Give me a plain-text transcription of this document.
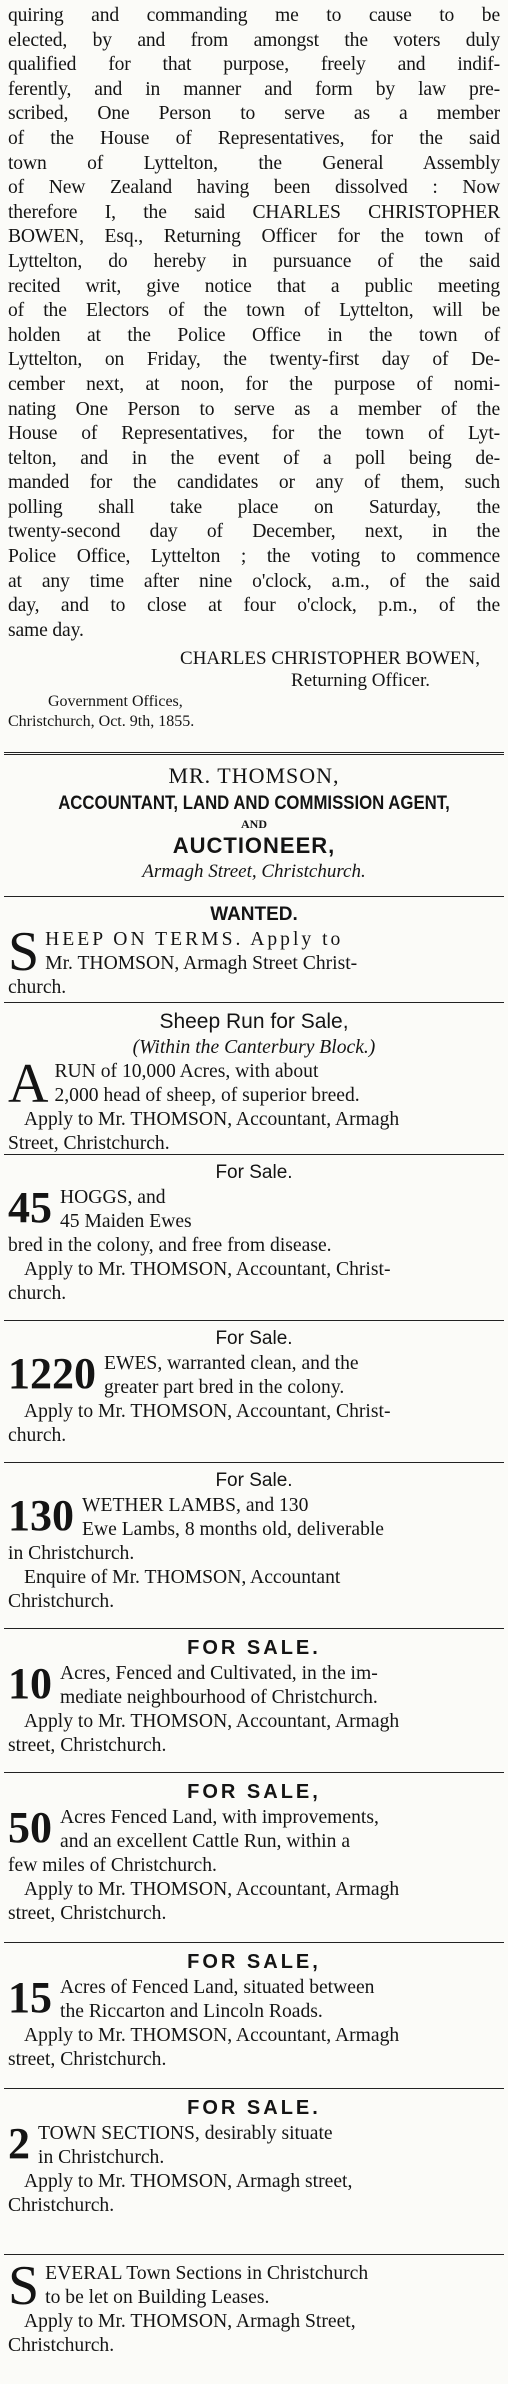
quiring and commanding me to cause to be
elected, by and from amongst the voters duly
qualified for that purpose, freely and indif-
ferently, and in manner and form by law pre-
scribed, One Person to serve as a member
of the House of Representatives, for the said
town of Lyttelton, the General Assembly
of New Zealand having been dissolved : Now
therefore I, the said CHARLES CHRISTOPHER
BOWEN, Esq., Returning Officer for the town of
Lyttelton, do hereby in pursuance of the said
recited writ, give notice that a public meeting
of the Electors of the town of Lyttelton, will be
holden at the Police Office in the town of
Lyttelton, on Friday, the twenty-first day of De-
cember next, at noon, for the purpose of nomi-
nating One Person to serve as a member of the
House of Representatives, for the town of Lyt-
telton, and in the event of a poll being de-
manded for the candidates or any of them, such
polling shall take place on Saturday, the
twenty-second day of December, next, in the
Police Office, Lyttelton ; the voting to commence
at any time after nine o'clock, a.m., of the said
day, and to close at four o'clock, p.m., of the
same day.
CHARLES CHRISTOPHER BOWEN,
Returning Officer.
Government Offices,
Christchurch, Oct. 9th, 1855.
MR. THOMSON,
ACCOUNTANT, LAND AND COMMISSION AGENT,
AND
AUCTIONEER,
Armagh Street, Christchurch.
WANTED.
S HEEP ON TERMS. Apply to
Mr. THOMSON, Armagh Street Christ-
church.
Sheep Run for Sale,
(Within the Canterbury Block.)
A RUN of 10,000 Acres, with about
2,000 head of sheep, of superior breed.
Apply to Mr. THOMSON, Accountant, Armagh
Street, Christchurch.
For Sale.
45 HOGGS, and
45 Maiden Ewes
bred in the colony, and free from disease.
Apply to Mr. THOMSON, Accountant, Christ-
church.
For Sale.
1220 EWES, warranted clean, and the
greater part bred in the colony.
Apply to Mr. THOMSON, Accountant, Christ-
church.
For Sale.
130 WETHER LAMBS, and 130
Ewe Lambs, 8 months old, deliverable
in Christchurch.
Enquire of Mr. THOMSON, Accountant
Christchurch.
FOR SALE.
10 Acres, Fenced and Cultivated, in the im-
mediate neighbourhood of Christchurch.
Apply to Mr. THOMSON, Accountant, Armagh
street, Christchurch.
FOR SALE,
50 Acres Fenced Land, with improvements,
and an excellent Cattle Run, within a
few miles of Christchurch.
Apply to Mr. THOMSON, Accountant, Armagh
street, Christchurch.
FOR SALE,
15 Acres of Fenced Land, situated between
the Riccarton and Lincoln Roads.
Apply to Mr. THOMSON, Accountant, Armagh
street, Christchurch.
FOR SALE.
2 TOWN SECTIONS, desirably situate
in Christchurch.
Apply to Mr. THOMSON, Armagh street,
Christchurch.
S EVERAL Town Sections in Christchurch
to be let on Building Leases.
Apply to Mr. THOMSON, Armagh Street,
Christchurch.
